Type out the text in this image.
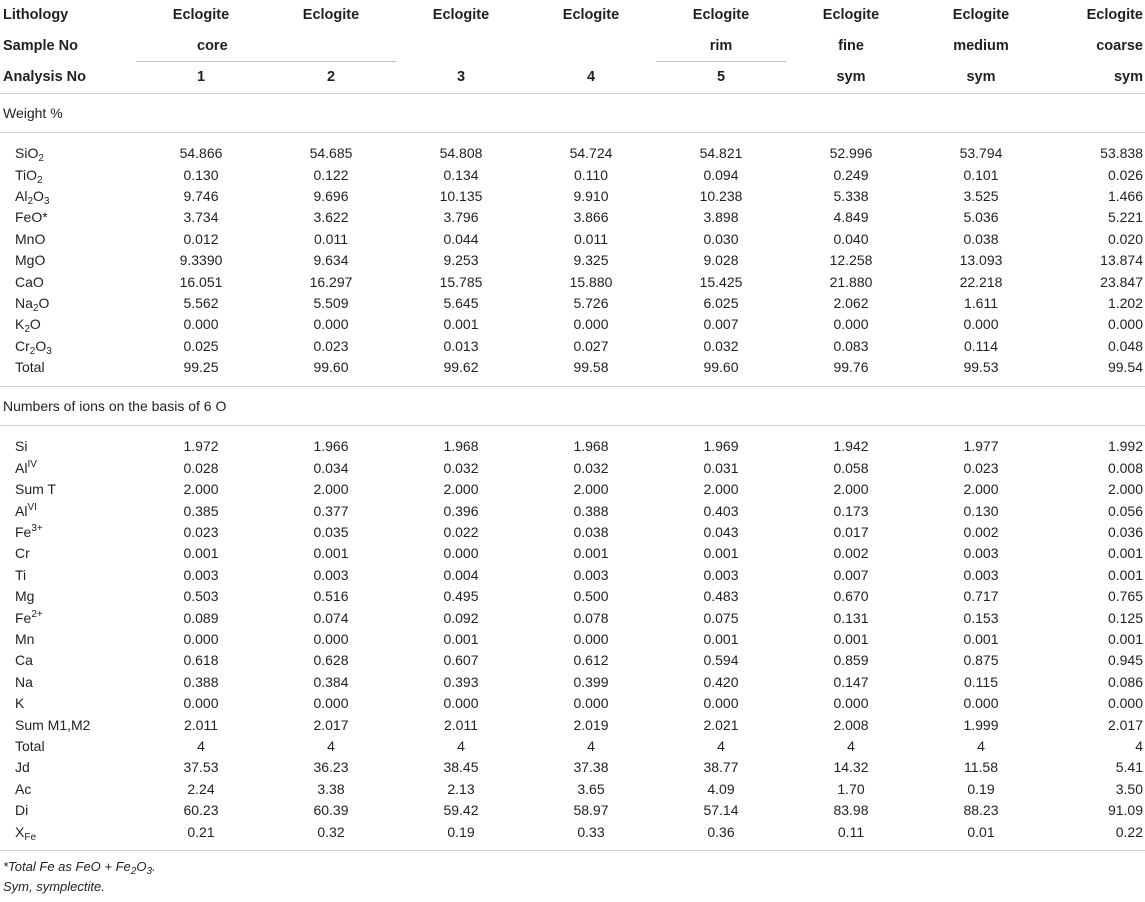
Lithology	Eclogite	Eclogite	Eclogite	Eclogite	Eclogite	Eclogite	Eclogite	Eclogite
Sample No	core				rim	fine	medium	coarse
Analysis No	1	2	3	4	5	sym	sym	sym
Weight %								

SiO$_2$	54.866	54.685	54.808	54.724	54.821	52.996	53.794	53.838
TiO$_2$	0.130	0.122	0.134	0.110	0.094	0.249	0.101	0.026
$Al_2O_3$	9.746	9.696	10.135	9.910	10.238	5.338	3.525	1.466
FeO*	3.734	3.622	3.796	3.866	3.898	4.849	5.036	5.221
MnO	0.012	0.011	0.044	0.011	0.030	0.040	0.038	0.020
MgO	9.3390	9.634	9.253	9.325	9.028	12.258	13.093	13.874
CaO	16.051	16.297	15.785	15.880	15.425	21.880	22.218	23.847
$Na_2O$	5.562	5.509	5.645	5.726	6.025	2.062	1.611	1.202
$K_2O$	0.000	0.000	0.001	0.000	0.007	0.000	0.000	0.000
$Cr_2O_3$	0.025	0.023	0.013	0.027	0.032	0.083	0.114	0.048
Total	99.25	99.60	99.62	99.58	99.60	99.76	99.53	99.54

Numbers of ions on the basis of 6 O								

Si	1.972	1.966	1.968	1.968	1.969	1.942	1.977	1.992
$Al^{IV}$	0.028	0.034	0.032	0.032	0.031	0.058	0.023	0.008
Sum T	2.000	2.000	2.000	2.000	2.000	2.000	2.000	2.000
$Al^{VI}$	0.385	0.377	0.396	0.388	0.403	0.173	0.130	0.056
$Fe^{3+}$	0.023	0.035	0.022	0.038	0.043	0.017	0.002	0.036
Cr	0.001	0.001	0.000	0.001	0.001	0.002	0.003	0.001
Ti	0.003	0.003	0.004	0.003	0.003	0.007	0.003	0.001
Mg	0.503	0.516	0.495	0.500	0.483	0.670	0.717	0.765
$Fe^{2+}$	0.089	0.074	0.092	0.078	0.075	0.131	0.153	0.125
Mn	0.000	0.000	0.001	0.000	0.001	0.001	0.001	0.001
Ca	0.618	0.628	0.607	0.612	0.594	0.859	0.875	0.945
Na	0.388	0.384	0.393	0.399	0.420	0.147	0.115	0.086
K	0.000	0.000	0.000	0.000	0.000	0.000	0.000	0.000
Sum M1,M2	2.011	2.017	2.011	2.019	2.021	2.008	1.999	2.017
Total	4	4	4	4	4	4	4	4
Jd	37.53	36.23	38.45	37.38	38.77	14.32	11.58	5.41
Ac	2.24	3.38	2.13	3.65	4.09	1.70	0.19	3.50
Di	60.23	60.39	59.42	58.97	57.14	83.98	88.23	91.09
$X_{Fe}$	0.21	0.32	0.19	0.33	0.36	0.11	0.01	0.22

*Total Fe as FeO + $Fe_2O_3$.
Sym, symplectite.
